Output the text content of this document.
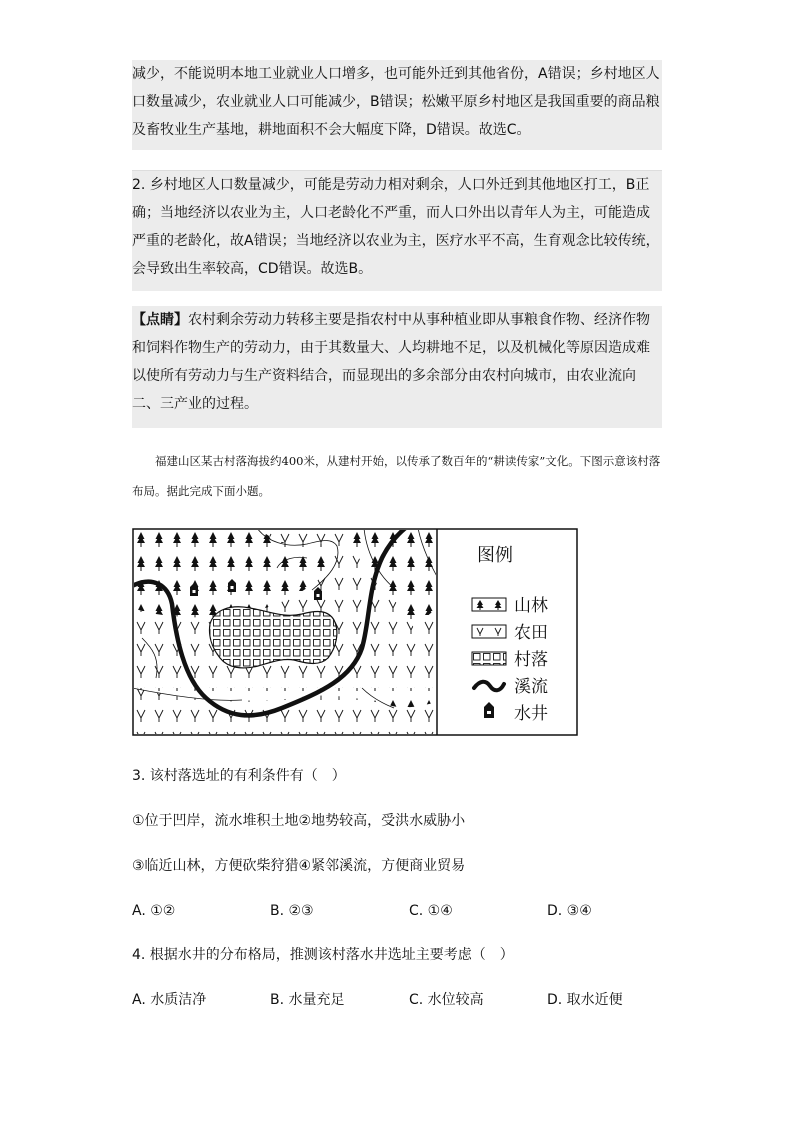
减少，不能说明本地工业就业人口增多，也可能外迁到其他省份，A错误；乡村地区人口数量减少，农业就业人口可能减少，B错误；松嫩平原乡村地区是我国重要的商品粮及畜牧业生产基地，耕地面积不会大幅度下降，D错误。故选C。

2. 乡村地区人口数量减少，可能是劳动力相对剩余，人口外迁到其他地区打工，B正确；当地经济以农业为主，人口老龄化不严重，而人口外出以青年人为主，可能造成严重的老龄化，故A错误；当地经济以农业为主，医疗水平不高，生育观念比较传统，会导致出生率较高，CD错误。故选B。

【点睛】农村剩余劳动力转移主要是指农村中从事种植业即从事粮食作物、经济作物和饲料作物生产的劳动力，由于其数量大、人均耕地不足，以及机械化等原因造成难以使所有劳动力与生产资料结合，而显现出的多余部分由农村向城市，由农业流向二、三产业的过程。

福建山区某古村落海拔约400米，从建村开始，以传承了数百年的“耕读传家”文化。下图示意该村落布局。据此完成下面小题。

图例
山林
农田
村落
溪流
水井
3. 该村落选址的有利条件有（　）
①位于凹岸，流水堆积土地②地势较高，受洪水威胁小
③临近山林，方便砍柴狩猎④紧邻溪流，方便商业贸易
A. ①②	B. ②③	C. ①④	D. ③④
4. 根据水井的分布格局，推测该村落水井选址主要考虑（　）
A. 水质洁净	B. 水量充足	C. 水位较高	D. 取水近便
